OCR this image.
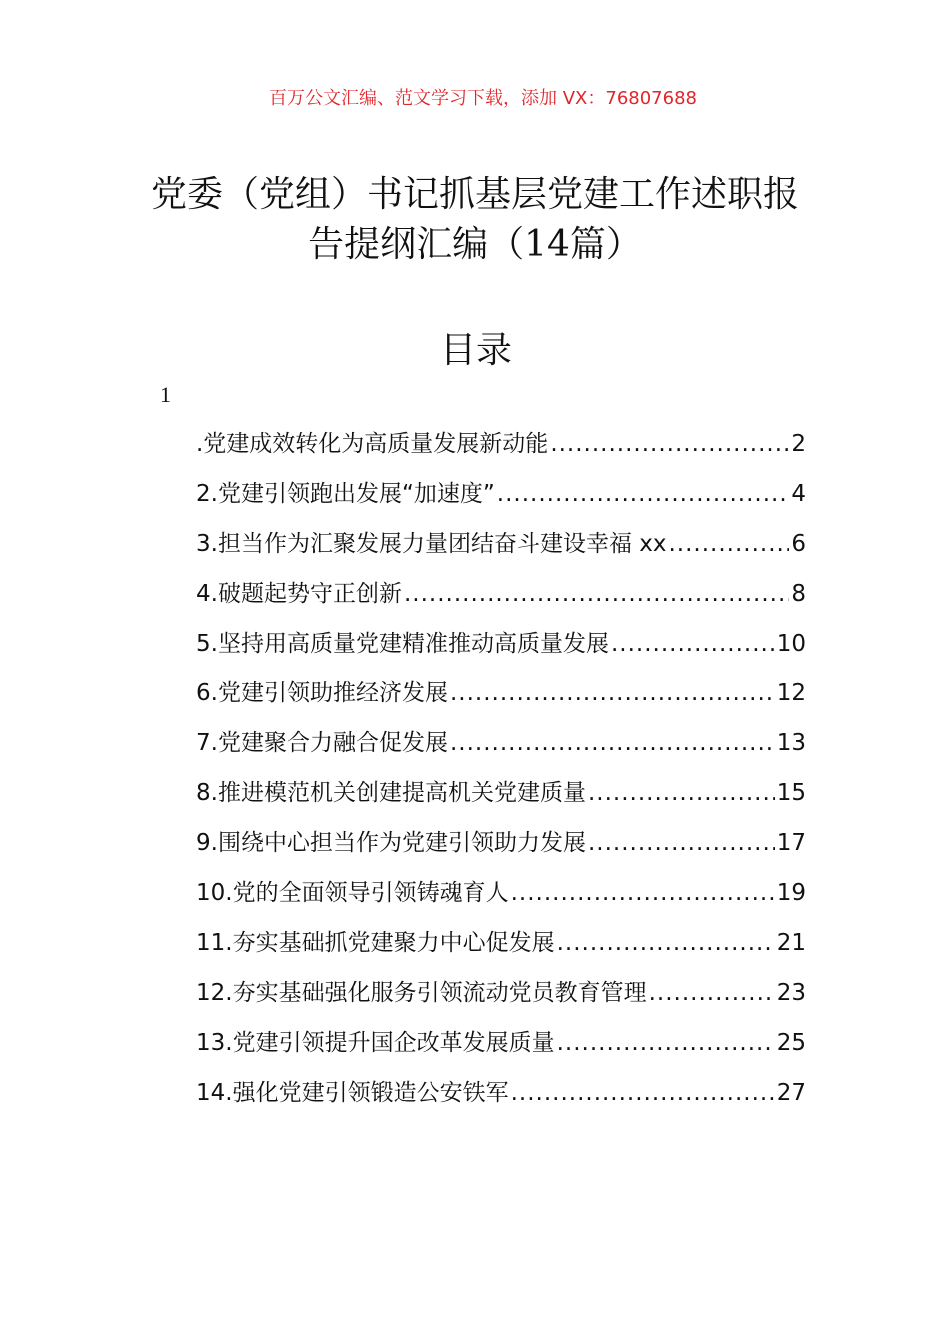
百万公文汇编、范文学习下载，添加 VX：76807688
党委（党组）书记抓基层党建工作述职报
告提纲汇编（14篇）
目录
1
.党建成效转化为高质量发展新动能 .....	2
2.党建引领跑出发展“加速度” .....	4
3.担当作为汇聚发展力量团结奋斗建设幸福 xx .....	6
4.破题起势守正创新 .....	8
5.坚持用高质量党建精准推动高质量发展 .....	10
6.党建引领助推经济发展 .....	12
7.党建聚合力融合促发展 .....	13
8.推进模范机关创建提高机关党建质量 .....	15
9.围绕中心担当作为党建引领助力发展 .....	17
10.党的全面领导引领铸魂育人 .....	19
11.夯实基础抓党建聚力中心促发展 .....	21
12.夯实基础强化服务引领流动党员教育管理 .....	23
13.党建引领提升国企改革发展质量 .....	25
14.强化党建引领锻造公安铁军 .....	27
